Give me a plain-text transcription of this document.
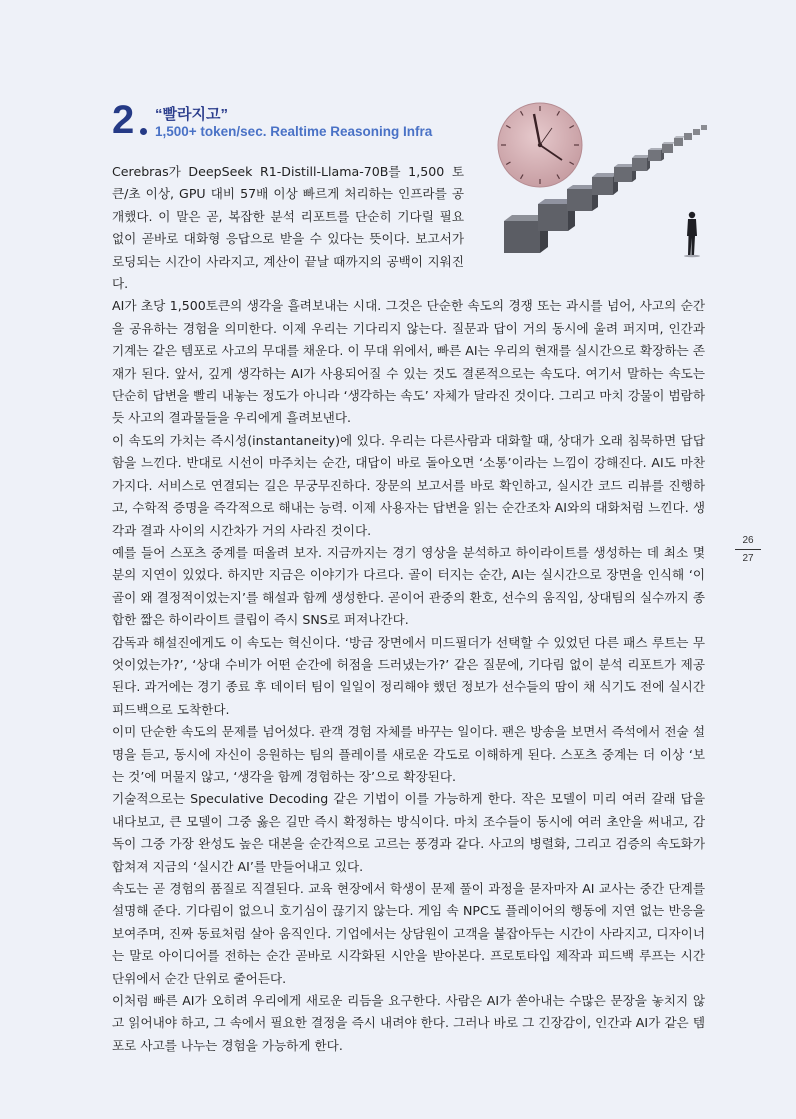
2 “빨라지고”
1,500+ token/sec. Realtime Reasoning Infra

Cerebras가 DeepSeek R1-Distill-Llama-70B를 1,500 토큰/초 이상, GPU 대비 57배 이상 빠르게 처리하는 인프라를 공개했다. 이 말은 곧, 복잡한 분석 리포트를 단순히 기다릴 필요 없이 곧바로 대화형 응답으로 받을 수 있다는 뜻이다. 보고서가 로딩되는 시간이 사라지고, 계산이 끝날 때까지의 공백이 지워진다.

AI가 초당 1,500토큰의 생각을 흘려보내는 시대. 그것은 단순한 속도의 경쟁 또는 과시를 넘어, 사고의 순간을 공유하는 경험을 의미한다. 이제 우리는 기다리지 않는다. 질문과 답이 거의 동시에 울려 퍼지며, 인간과 기계는 같은 템포로 사고의 무대를 채운다. 이 무대 위에서, 빠른 AI는 우리의 현재를 실시간으로 확장하는 존재가 된다. 앞서, 깊게 생각하는 AI가 사용되어질 수 있는 것도 결론적으로는 속도다. 여기서 말하는 속도는 단순히 답변을 빨리 내놓는 정도가 아니라 ‘생각하는 속도’ 자체가 달라진 것이다. 그리고 마치 강물이 범람하듯 사고의 결과물들을 우리에게 흘려보낸다.

이 속도의 가치는 즉시성(instantaneity)에 있다. 우리는 다른사람과 대화할 때, 상대가 오래 침묵하면 답답함을 느낀다. 반대로 시선이 마주치는 순간, 대답이 바로 돌아오면 ‘소통’이라는 느낌이 강해진다. AI도 마찬가지다. 서비스로 연결되는 길은 무궁무진하다. 장문의 보고서를 바로 확인하고, 실시간 코드 리뷰를 진행하고, 수학적 증명을 즉각적으로 해내는 능력. 이제 사용자는 답변을 읽는 순간조차 AI와의 대화처럼 느낀다. 생각과 결과 사이의 시간차가 거의 사라진 것이다.

예를 들어 스포츠 중계를 떠올려 보자. 지금까지는 경기 영상을 분석하고 하이라이트를 생성하는 데 최소 몇 분의 지연이 있었다. 하지만 지금은 이야기가 다르다. 골이 터지는 순간, AI는 실시간으로 장면을 인식해 ‘이 골이 왜 결정적이었는지’를 해설과 함께 생성한다. 곧이어 관중의 환호, 선수의 움직임, 상대팀의 실수까지 종합한 짧은 하이라이트 클립이 즉시 SNS로 퍼져나간다.

감독과 해설진에게도 이 속도는 혁신이다. ‘방금 장면에서 미드필더가 선택할 수 있었던 다른 패스 루트는 무엇이었는가?’, ‘상대 수비가 어떤 순간에 허점을 드러냈는가?’ 같은 질문에, 기다림 없이 분석 리포트가 제공된다. 과거에는 경기 종료 후 데이터 팀이 일일이 정리해야 했던 정보가 선수들의 땀이 채 식기도 전에 실시간 피드백으로 도착한다.

이미 단순한 속도의 문제를 넘어섰다. 관객 경험 자체를 바꾸는 일이다. 팬은 방송을 보면서 즉석에서 전술 설명을 듣고, 동시에 자신이 응원하는 팀의 플레이를 새로운 각도로 이해하게 된다. 스포츠 중계는 더 이상 ‘보는 것’에 머물지 않고, ‘생각을 함께 경험하는 장’으로 확장된다.

기술적으로는 Speculative Decoding 같은 기법이 이를 가능하게 한다. 작은 모델이 미리 여러 갈래 답을 내다보고, 큰 모델이 그중 옳은 길만 즉시 확정하는 방식이다. 마치 조수들이 동시에 여러 초안을 써내고, 감독이 그중 가장 완성도 높은 대본을 순간적으로 고르는 풍경과 같다. 사고의 병렬화, 그리고 검증의 속도화가 합쳐져 지금의 ‘실시간 AI’를 만들어내고 있다.

속도는 곧 경험의 품질로 직결된다. 교육 현장에서 학생이 문제 풀이 과정을 묻자마자 AI 교사는 중간 단계를 설명해 준다. 기다림이 없으니 호기심이 끊기지 않는다. 게임 속 NPC도 플레이어의 행동에 지연 없는 반응을 보여주며, 진짜 동료처럼 살아 움직인다. 기업에서는 상담원이 고객을 붙잡아두는 시간이 사라지고, 디자이너는 말로 아이디어를 전하는 순간 곧바로 시각화된 시안을 받아본다. 프로토타입 제작과 피드백 루프는 시간 단위에서 순간 단위로 줄어든다.

이처럼 빠른 AI가 오히려 우리에게 새로운 리듬을 요구한다. 사람은 AI가 쏟아내는 수많은 문장을 놓치지 않고 읽어내야 하고, 그 속에서 필요한 결정을 즉시 내려야 한다. 그러나 바로 그 긴장감이, 인간과 AI가 같은 템포로 사고를 나누는 경험을 가능하게 한다.

26
27
